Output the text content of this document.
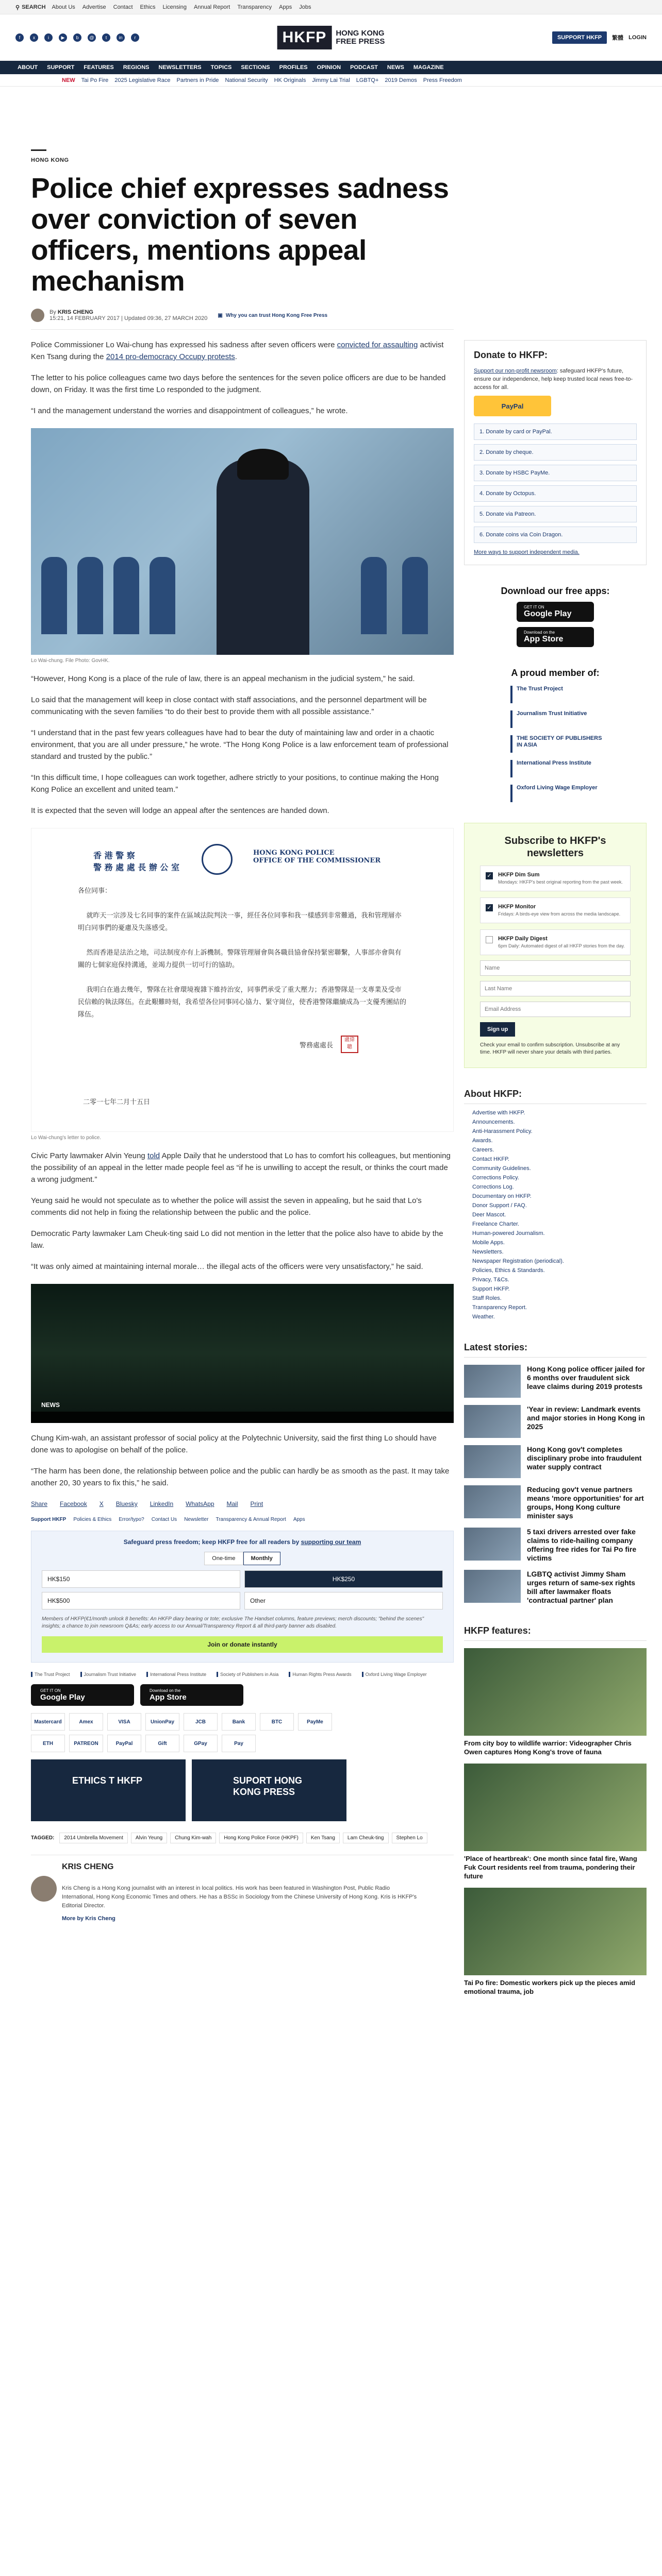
⚲ SEARCH About Us Advertise Contact Ethics Licensing Annual Report Transparency Apps Jobs
f	x	i	▶	b	@	t	in	r	HKFP	HONG KONG
FREE PRESS	SUPPORT HKFP	繁體 LOGIN
ABOUT SUPPORT FEATURES REGIONS NEWSLETTERS TOPICS SECTIONS PROFILES OPINION PODCAST NEWS MAGAZINE
NEW Tai Po Fire 2025 Legislative Race Partners in Pride National Security HK Originals Jimmy Lai Trial LGBTQ+ 2019 Demos Press Freedom
HONG KONG
Police chief expresses sadness over conviction of seven officers, mentions appeal mechanism
By KRIS CHENG
15:21, 14 FEBRUARY 2017 | Updated 09:36, 27 MARCH 2020 ▣ Why you can trust Hong Kong Free Press

Police Commissioner Lo Wai-chung has expressed his sadness after seven officers were convicted for assaulting activist Ken Tsang during the 2014 pro-democracy Occupy protests.

The letter to his police colleagues came two days before the sentences for the seven police officers are due to be handed down, on Friday. It was the first time Lo responded to the judgment.

“I and the management understand the worries and disappointment of colleagues,” he wrote.

Lo Wai-chung. File Photo: GovHK.

“However, Hong Kong is a place of the rule of law, there is an appeal mechanism in the judicial system,” he said.

Lo said that the management will keep in close contact with staff associations, and the personnel department will be communicating with the seven families “to do their best to provide them with all possible assistance.”

“I understand that in the past few years colleagues have had to bear the duty of maintaining law and order in a chaotic environment, that you are all under pressure,” he wrote. “The Hong Kong Police is a law enforcement team of professional standard and trusted by the public.”

“In this difficult time, I hope colleagues can work together, adhere strictly to your positions, to continue making the Hong Kong Police an excellent and united team.”

It is expected that the seven will lodge an appeal after the sentences are handed down.

香 港 警 察
警 務 處 處 長 辦 公 室
HONG KONG POLICE
OFFICE OF THE COMMISSIONER
各位同事：

就昨天一宗涉及七名同事的案件在區域法院判決一事，經任各位同事和我一樣感到非常難過，我和管理層亦明白同事們的憂慮及失落感受。

然而香港是法治之地，司法制度亦有上訴機制。警隊管理層會與各職員協會保持緊密聯繫，人事部亦會與有關的七個家庭保持溝通，並竭力提供一切可行的協助。

我明白在過去幾年，警隊在社會環境複雜下維持治安，同事們承受了重大壓力；香港警隊是一支專業及受市民信賴的執法隊伍。在此艱難時刻，我希望各位同事同心協力、緊守崗位，使香港警隊繼續成為一支優秀團結的隊伍。
警務處處長
盧偉
聰
二零一七年二月十五日
Lo Wai-chung's letter to police.

Civic Party lawmaker Alvin Yeung told Apple Daily that he understood that Lo has to comfort his colleagues, but mentioning the possibility of an appeal in the letter made people feel as “if he is unwilling to accept the result, or thinks the court made a wrong judgment.”

Yeung said he would not speculate as to whether the police will assist the seven in appealing, but he said that Lo's comments did not help in fixing the relationship between the public and the police.

Democratic Party lawmaker Lam Cheuk-ting said Lo did not mention in the letter that the police also have to abide by the law.

“It was only aimed at maintaining internal morale… the illegal acts of the officers were very unsatisfactory,” he said.

NEWS

Chung Kim-wah, an assistant professor of social policy at the Polytechnic University, said the first thing Lo should have done was to apologise on behalf of the police.

“The harm has been done, the relationship between police and the public can hardly be as smooth as the past. It may take another 20, 30 years to fix this,” he said.

Share Facebook X Bluesky LinkedIn WhatsApp Mail Print
Support HKFP Policies & Ethics Error/typo? Contact Us Newsletter Transparency & Annual Report Apps
Safeguard press freedom; keep HKFP free for all readers by supporting our team
One-time	Monthly
HK$150	HK$250
HK$500	Other
Members of HKFP(€1/month unlock 8 benefits: An HKFP diary bearing or tote; exclusive The Handset columns, feature previews; merch discounts; "behind the scenes" insights; a chance to join newsroom Q&As; early access to our Annual/Transparency Report & all third-party banner ads disabled.
Join or donate instantly
The Trust Project	Journalism Trust Initiative	International Press Institute	Society of Publishers in Asia	Human Rights Press Awards	Oxford Living Wage Employer
GET IT ON
Google Play
Download on the
App Store
Mastercard	Amex	VISA	UnionPay	JCB	Bank	BTC	PayMe
ETH	PATREON	PayPal	Gift	GPay	Pay
ETHICS T HKFP	SUPORT HONG KONG PRESS
TAGGED:	2014 Umbrella Movement	Alvin Yeung	Chung Kim-wah	Hong Kong Police Force (HKPF)	Ken Tsang	Lam Cheuk-ting	Stephen Lo
KRIS CHENG
Kris Cheng is a Hong Kong journalist with an interest in local politics. His work has been featured in Washington Post, Public Radio International, Hong Kong Economic Times and others. He has a BSSc in Sociology from the Chinese University of Hong Kong. Kris is HKFP's Editorial Director.
More by Kris Cheng
Donate to HKFP:
Support our non-profit newsroom: safeguard HKFP's future, ensure our independence, help keep trusted local news free-to-access for all.
PayPal
1. Donate by card or PayPal.
2. Donate by cheque.
3. Donate by HSBC PayMe.
4. Donate by Octopus.
5. Donate via Patreon.
6. Donate coins via Coin Dragon.
More ways to support independent media.
Download our free apps:
GET IT ON
Google Play
Download on the
App Store
A proud member of:
The Trust Project
Journalism Trust Initiative
THE SOCIETY OF PUBLISHERS IN ASIA
International Press Institute
Oxford Living Wage Employer
Subscribe to HKFP's newsletters
✓ HKFP Dim Sum
Mondays: HKFP's best original reporting from the past week.
✓ HKFP Monitor
Fridays: A birds-eye view from across the media landscape.
HKFP Daily Digest
6pm Daily: Automated digest of all HKFP stories from the day.
Name
Last Name
Email Address Sign up
Check your email to confirm subscription. Unsubscribe at any time. HKFP will never share your details with third parties.
About HKFP:
Advertise with HKFP.
Announcements.
Anti-Harassment Policy.
Awards.
Careers.
Contact HKFP.
Community Guidelines.
Corrections Policy.
Corrections Log.
Documentary on HKFP.
Donor Support / FAQ.
Deer Mascot.
Freelance Charter.
Human-powered Journalism.
Mobile Apps.
Newsletters.
Newspaper Registration (periodical).
Policies, Ethics & Standards.
Privacy, T&Cs.
Support HKFP.
Staff Roles.
Transparency Report.
Weather.
Latest stories:
Hong Kong police officer jailed for 6 months over fraudulent sick leave claims during 2019 protests
'Year in review: Landmark events and major stories in Hong Kong in 2025
Hong Kong gov't completes disciplinary probe into fraudulent water supply contract
Reducing gov't venue partners means 'more opportunities' for art groups, Hong Kong culture minister says
5 taxi drivers arrested over fake claims to ride-hailing company offering free rides for Tai Po fire victims
LGBTQ activist Jimmy Sham urges return of same-sex rights bill after lawmaker floats 'contractual partner' plan
HKFP features:
From city boy to wildlife warrior: Videographer Chris Owen captures Hong Kong's trove of fauna
'Place of heartbreak': One month since fatal fire, Wang Fuk Court residents reel from trauma, pondering their future
Tai Po fire: Domestic workers pick up the pieces amid emotional trauma, job
